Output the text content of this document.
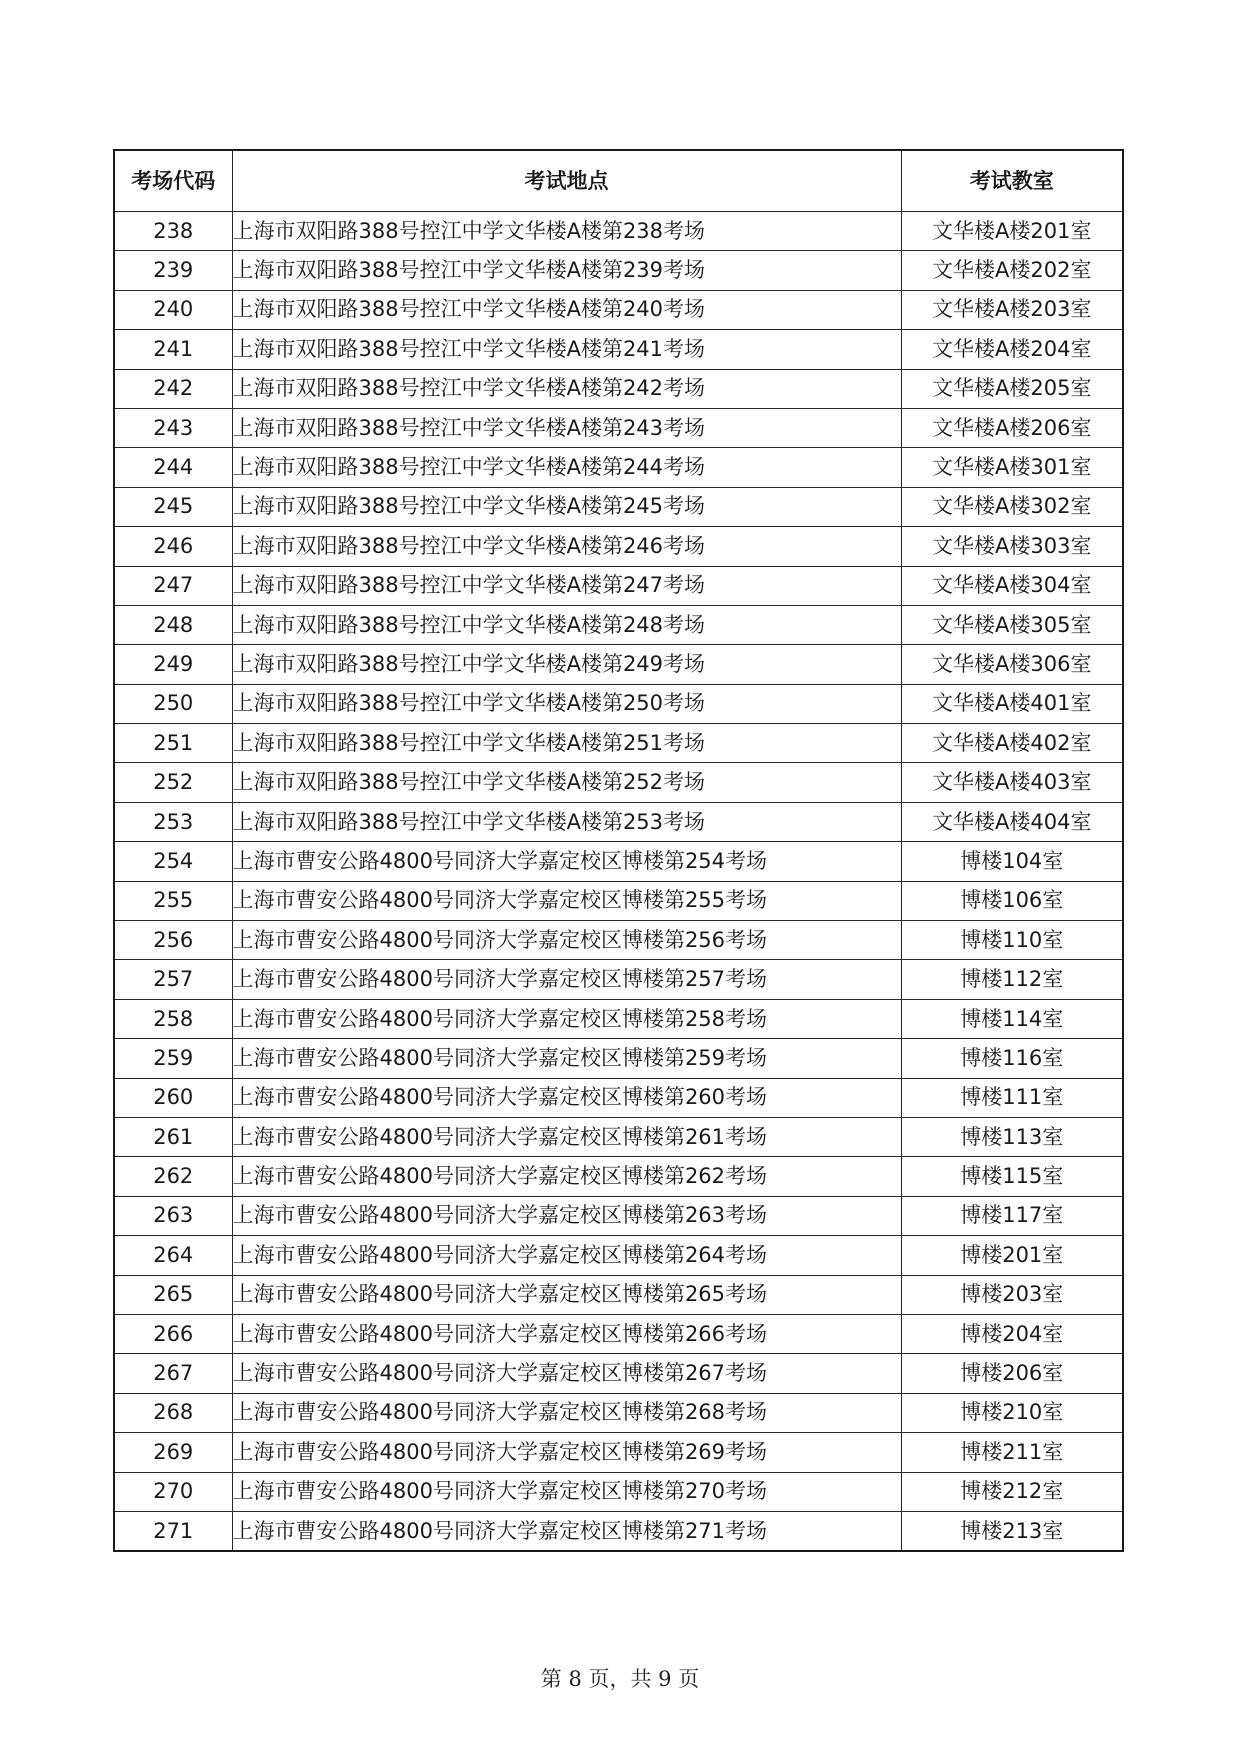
考场代码	考试地点	考试教室
238	上海市双阳路388号控江中学文华楼A楼第238考场	文华楼A楼201室
239	上海市双阳路388号控江中学文华楼A楼第239考场	文华楼A楼202室
240	上海市双阳路388号控江中学文华楼A楼第240考场	文华楼A楼203室
241	上海市双阳路388号控江中学文华楼A楼第241考场	文华楼A楼204室
242	上海市双阳路388号控江中学文华楼A楼第242考场	文华楼A楼205室
243	上海市双阳路388号控江中学文华楼A楼第243考场	文华楼A楼206室
244	上海市双阳路388号控江中学文华楼A楼第244考场	文华楼A楼301室
245	上海市双阳路388号控江中学文华楼A楼第245考场	文华楼A楼302室
246	上海市双阳路388号控江中学文华楼A楼第246考场	文华楼A楼303室
247	上海市双阳路388号控江中学文华楼A楼第247考场	文华楼A楼304室
248	上海市双阳路388号控江中学文华楼A楼第248考场	文华楼A楼305室
249	上海市双阳路388号控江中学文华楼A楼第249考场	文华楼A楼306室
250	上海市双阳路388号控江中学文华楼A楼第250考场	文华楼A楼401室
251	上海市双阳路388号控江中学文华楼A楼第251考场	文华楼A楼402室
252	上海市双阳路388号控江中学文华楼A楼第252考场	文华楼A楼403室
253	上海市双阳路388号控江中学文华楼A楼第253考场	文华楼A楼404室
254	上海市曹安公路4800号同济大学嘉定校区博楼第254考场	博楼104室
255	上海市曹安公路4800号同济大学嘉定校区博楼第255考场	博楼106室
256	上海市曹安公路4800号同济大学嘉定校区博楼第256考场	博楼110室
257	上海市曹安公路4800号同济大学嘉定校区博楼第257考场	博楼112室
258	上海市曹安公路4800号同济大学嘉定校区博楼第258考场	博楼114室
259	上海市曹安公路4800号同济大学嘉定校区博楼第259考场	博楼116室
260	上海市曹安公路4800号同济大学嘉定校区博楼第260考场	博楼111室
261	上海市曹安公路4800号同济大学嘉定校区博楼第261考场	博楼113室
262	上海市曹安公路4800号同济大学嘉定校区博楼第262考场	博楼115室
263	上海市曹安公路4800号同济大学嘉定校区博楼第263考场	博楼117室
264	上海市曹安公路4800号同济大学嘉定校区博楼第264考场	博楼201室
265	上海市曹安公路4800号同济大学嘉定校区博楼第265考场	博楼203室
266	上海市曹安公路4800号同济大学嘉定校区博楼第266考场	博楼204室
267	上海市曹安公路4800号同济大学嘉定校区博楼第267考场	博楼206室
268	上海市曹安公路4800号同济大学嘉定校区博楼第268考场	博楼210室
269	上海市曹安公路4800号同济大学嘉定校区博楼第269考场	博楼211室
270	上海市曹安公路4800号同济大学嘉定校区博楼第270考场	博楼212室
271	上海市曹安公路4800号同济大学嘉定校区博楼第271考场	博楼213室
第 8 页，共 9 页
